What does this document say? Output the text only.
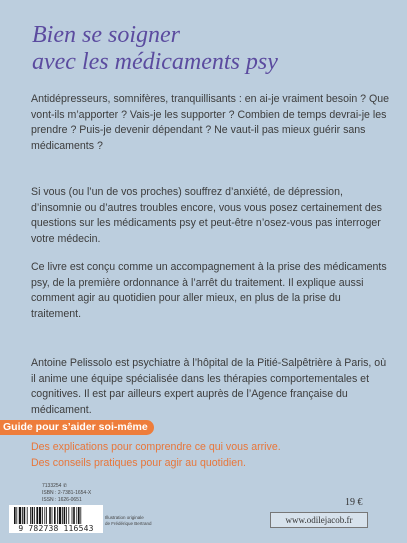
Bien se soigner
avec les médicaments psy

Antidépresseurs, somnifères, tranquillisants : en ai-je vraiment besoin ? Que vont-ils m’apporter ? Vais-je les supporter ? Combien de temps devrai-je les prendre ? Puis-je devenir dépendant ? Ne vaut-il pas mieux guérir sans médicaments ?

Si vous (ou l’un de vos proches) souffrez d’anxiété, de dépression, d’insomnie ou d’autres troubles encore, vous vous posez certainement des questions sur les médicaments psy et peut-être n’osez-vous pas interroger votre médecin.

Ce livre est conçu comme un accompagnement à la prise des médicaments psy, de la première ordonnance à l’arrêt du traitement. Il explique aussi comment agir au quotidien pour aller mieux, en plus de la prise du traitement.

Antoine Pelissolo est psychiatre à l’hôpital de la Pitié-Salpêtrière à Paris, où il anime une équipe spécialisée dans les thérapies comportementales et cognitives. Il est par ailleurs expert auprès de l’Agence française du médicament.

Guide pour s’aider soi-même
Des explications pour comprendre ce qui vous arrive.
Des conseils pratiques pour agir au quotidien.
7133254 ✆
ISBN : 2-7381-1654-X
ISSN : 1626-0651
9 782738 116543
Illustration originale
de Frédérique Bertrand
19 €
www.odilejacob.fr
